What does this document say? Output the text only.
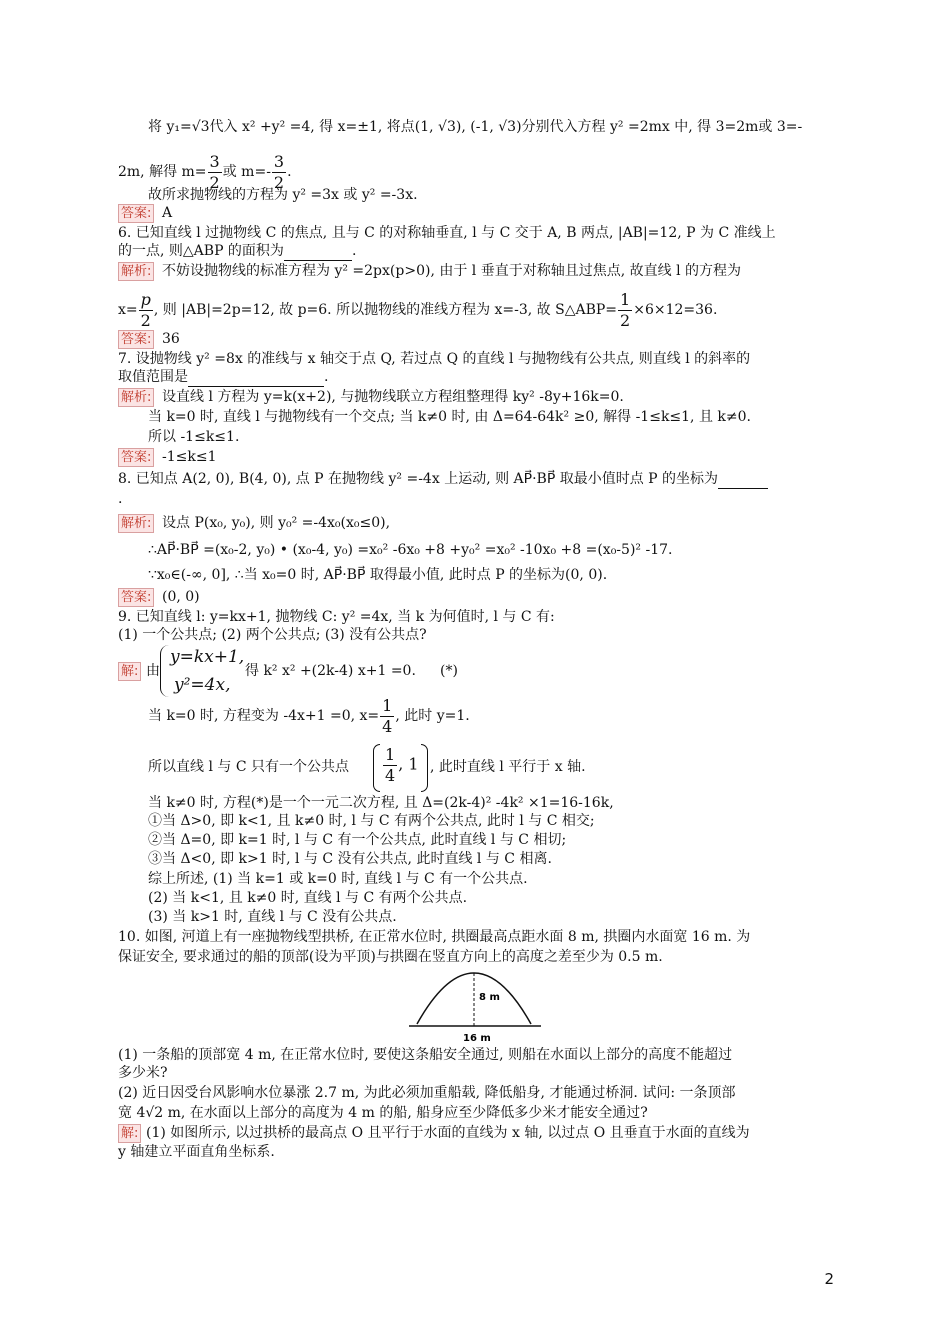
将 y₁=√3代入 x² +y² =4, 得 x=±1, 将点(1, √3), (-1, √3)分别代入方程 y² =2mx 中, 得 3=2m或 3=-
2m, 解得 $m= \frac{3}{2}$ 或 $m=- \frac{3}{2}$ .
故所求抛物线的方程为 y² =3x 或 y² =-3x.
答案: A
6. 已知直线 l 过抛物线 C 的焦点, 且与 C 的对称轴垂直, l 与 C 交于 A, B 两点, |AB|=12, P 为 C 准线上
的一点, 则△ABP 的面积为	.
解析: 不妨设抛物线的标准方程为 y² =2px(p>0), 由于 l 垂直于对称轴且过焦点, 故直线 l 的方程为
$x= \frac{p}{2}$ , 则 |AB|=2p=12, 故 p=6. 所以抛物线的准线方程为 x=-3, 故 S△ABP= $\frac{1}{2} \times 6\times 12=36$.
答案: 36
7. 设抛物线 y² =8x 的准线与 x 轴交于点 Q, 若过点 Q 的直线 l 与抛物线有公共点, 则直线 l 的斜率的
取值范围是	.
解析: 设直线 l 方程为 y=k(x+2), 与抛物线联立方程组整理得 ky² -8y+16k=0.
当 k=0 时, 直线 l 与抛物线有一个交点; 当 k≠0 时, 由 Δ=64-64k² ≥0, 解得 -1≤k≤1, 且 k≠0.
所以 -1≤k≤1.
答案: -1≤k≤1
8. 已知点 A(2, 0), B(4, 0), 点 P 在抛物线 y² =-4x 上运动, 则 AP⃗·BP⃗ 取最小值时点 P 的坐标为
.
解析: 设点 P(x₀, y₀), 则 y₀² =-4x₀(x₀≤0),
∴AP⃗·BP⃗ =(x₀-2, y₀) • (x₀-4, y₀) =x₀² -6x₀ +8 +y₀² =x₀² -10x₀ +8 =(x₀-5)² -17.
∵x₀∈(-∞, 0], ∴当 x₀=0 时, AP⃗·BP⃗ 取得最小值, 此时点 P 的坐标为(0, 0).
答案: (0, 0)
9. 已知直线 l: y=kx+1, 抛物线 C: y² =4x, 当 k 为何值时, l 与 C 有:
(1) 一个公共点; (2) 两个公共点; (3) 没有公共点?
解: 由
y=kx+1,
y²=4x,
得 k² x² +(2k-4) x+1 =0. (*)
当 k=0 时, 方程变为 -4x+1 =0, $x= \frac{1}{4}$ , 此时 y=1.
所以直线 l 与 C 只有一个公共点 $\frac{1}{4}$ , 1 , 此时直线 l 平行于 x 轴.
当 k≠0 时, 方程(*)是一个一元二次方程, 且 Δ=(2k-4)² -4k² ×1=16-16k,
①当 Δ>0, 即 k<1, 且 k≠0 时, l 与 C 有两个公共点, 此时 l 与 C 相交;
②当 Δ=0, 即 k=1 时, l 与 C 有一个公共点, 此时直线 l 与 C 相切;
③当 Δ<0, 即 k>1 时, l 与 C 没有公共点, 此时直线 l 与 C 相离.
综上所述, (1) 当 k=1 或 k=0 时, 直线 l 与 C 有一个公共点.
(2) 当 k<1, 且 k≠0 时, 直线 l 与 C 有两个公共点.
(3) 当 k>1 时, 直线 l 与 C 没有公共点.
10. 如图, 河道上有一座抛物线型拱桥, 在正常水位时, 拱圈最高点距水面 8 m, 拱圈内水面宽 16 m. 为
保证安全, 要求通过的船的顶部(设为平顶)与拱圈在竖直方向上的高度之差至少为 0.5 m.
8 m
16 m
(1) 一条船的顶部宽 4 m, 在正常水位时, 要使这条船安全通过, 则船在水面以上部分的高度不能超过
多少米?
(2) 近日因受台风影响水位暴涨 2.7 m, 为此必须加重船载, 降低船身, 才能通过桥洞. 试问: 一条顶部
宽 4√2 m, 在水面以上部分的高度为 4 m 的船, 船身应至少降低多少米才能安全通过?
解: (1) 如图所示, 以过拱桥的最高点 O 且平行于水面的直线为 x 轴, 以过点 O 且垂直于水面的直线为
y 轴建立平面直角坐标系.
2
